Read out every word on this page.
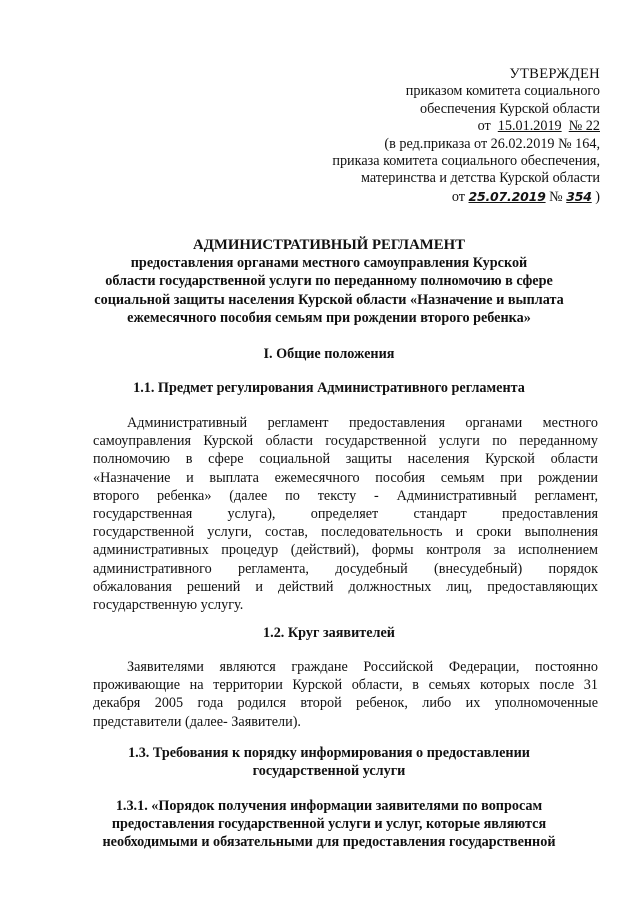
УТВЕРЖДЕН
приказом комитета социального
обеспечения Курской области
от 15.01.2019 № 22
(в ред.приказа от 26.02.2019 № 164,
приказа комитета социального обеспечения,
материнства и детства Курской области
от 25.07.2019 № 354 )
АДМИНИСТРАТИВНЫЙ РЕГЛАМЕНТ
предоставления органами местного самоуправления Курской
области государственной услуги по переданному полномочию в сфере
социальной защиты населения Курской области «Назначение и выплата
ежемесячного пособия семьям при рождении второго ребенка»
I. Общие положения
1.1. Предмет регулирования Административного регламента
Административный регламент предоставления органами местного
самоуправления Курской области государственной услуги по переданному
полномочию в сфере социальной защиты населения Курской области
«Назначение и выплата ежемесячного пособия семьям при рождении
второго ребенка» (далее по тексту - Административный регламент,
государственная услуга), определяет стандарт предоставления
государственной услуги, состав, последовательность и сроки выполнения
административных процедур (действий), формы контроля за исполнением
административного регламента, досудебный (внесудебный) порядок
обжалования решений и действий должностных лиц, предоставляющих
государственную услугу.
1.2. Круг заявителей
Заявителями являются граждане Российской Федерации, постоянно
проживающие на территории Курской области, в семьях которых после 31
декабря 2005 года родился второй ребенок, либо их уполномоченные
представители (далее- Заявители).
1.3. Требования к порядку информирования о предоставлении
государственной услуги
1.3.1. «Порядок получения информации заявителями по вопросам
предоставления государственной услуги и услуг, которые являются
необходимыми и обязательными для предоставления государственной
